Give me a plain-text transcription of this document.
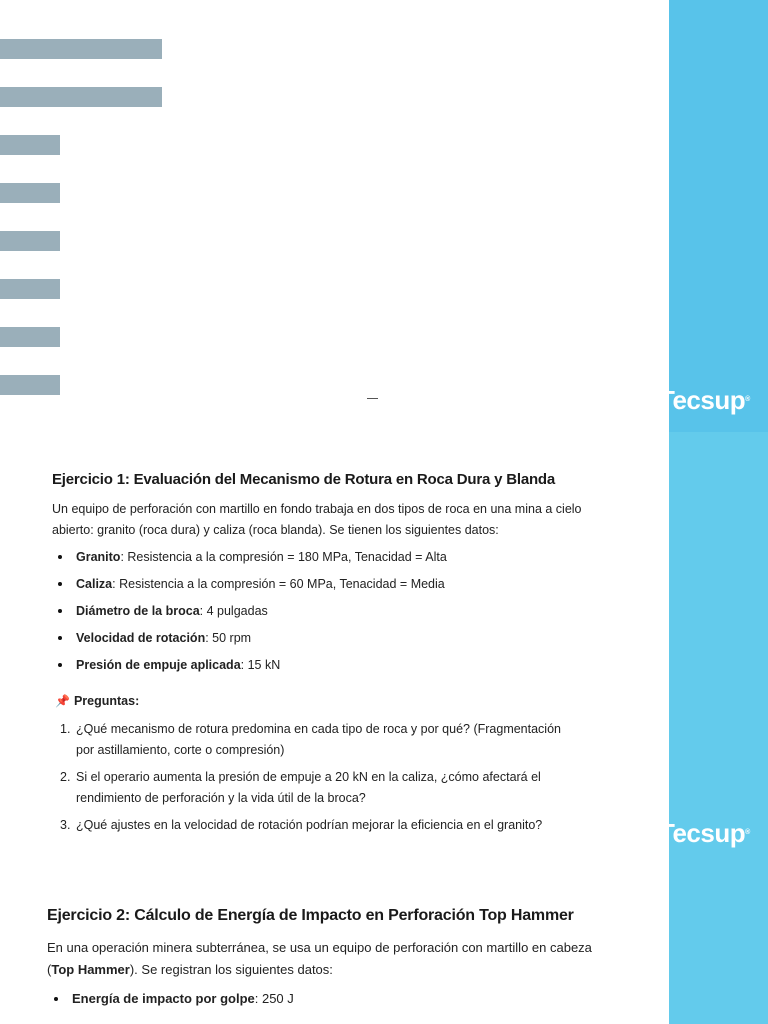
Tecsup®
Tecsup®
Ejercicio 1: Evaluación del Mecanismo de Rotura en Roca Dura y Blanda

Un equipo de perforación con martillo en fondo trabaja en dos tipos de roca en una mina a cielo abierto: granito (roca dura) y caliza (roca blanda). Se tienen los siguientes datos:

Granito: Resistencia a la compresión = 180 MPa, Tenacidad = Alta
Caliza: Resistencia a la compresión = 60 MPa, Tenacidad = Media
Diámetro de la broca: 4 pulgadas
Velocidad de rotación: 50 rpm
Presión de empuje aplicada: 15 kN
📌 Preguntas:
1. ¿Qué mecanismo de rotura predomina en cada tipo de roca y por qué? (Fragmentación por astillamiento, corte o compresión)
2. Si el operario aumenta la presión de empuje a 20 kN en la caliza, ¿cómo afectará el rendimiento de perforación y la vida útil de la broca?
3. ¿Qué ajustes en la velocidad de rotación podrían mejorar la eficiencia en el granito?
Ejercicio 2: Cálculo de Energía de Impacto en Perforación Top Hammer

En una operación minera subterránea, se usa un equipo de perforación con martillo en cabeza (Top Hammer). Se registran los siguientes datos:

Energía de impacto por golpe: 250 J
